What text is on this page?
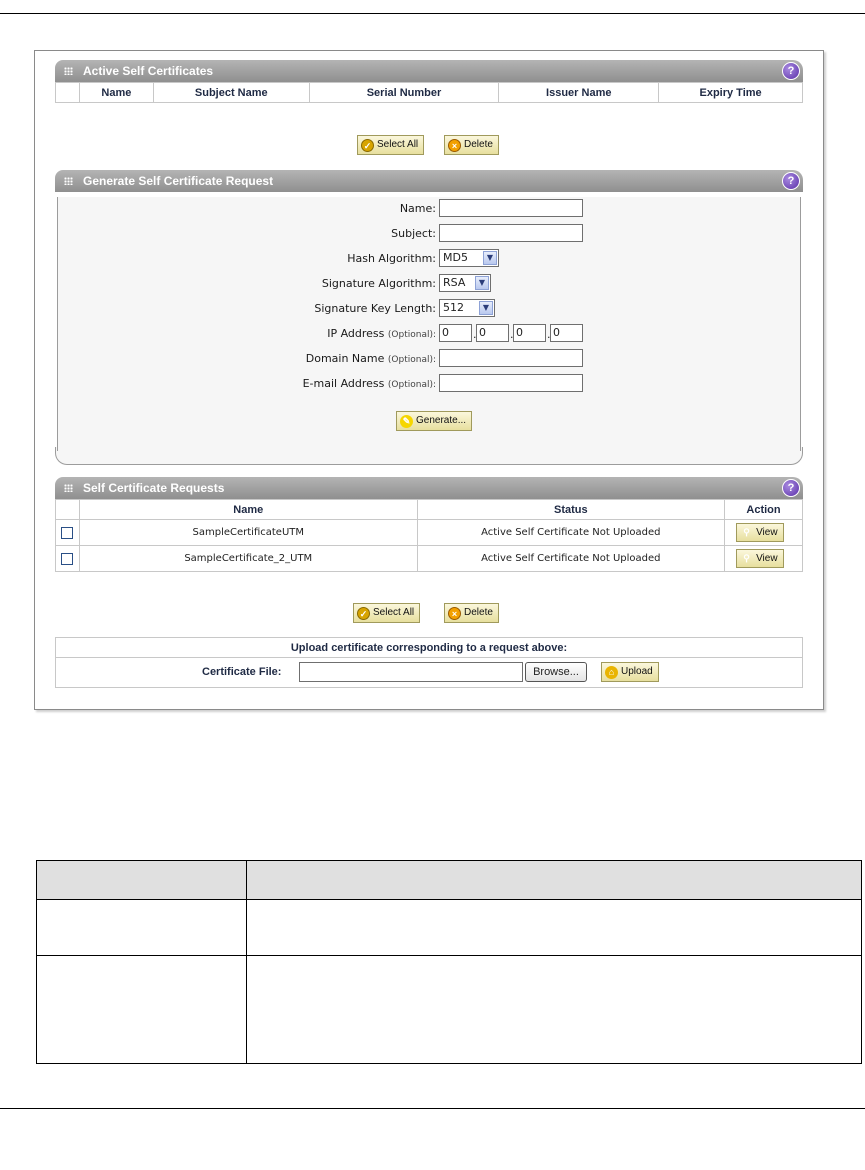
Active Self Certificates	?
	Name	Subject Name	Serial Number	Issuer Name	Expiry Time
✓ Select All	× Delete
Generate Self Certificate Request	?
Name:
Subject:
Hash Algorithm: MD5	▼
Signature Algorithm: RSA	▼
Signature Key Length: 512	▼
IP Address (Optional): 0	. 0	. 0	. 0
Domain Name (Optional):
E-mail Address (Optional):
✎ Generate...
Self Certificate Requests	?
	Name	Status	Action
	SampleCertificateUTM	Active Self Certificate Not Uploaded	⚲ View

	SampleCertificate_2_UTM	Active Self Certificate Not Uploaded	⚲ View
✓ Select All	× Delete
Upload certificate corresponding to a request above:

Certificate File:	Browse...	⌂ Upload
